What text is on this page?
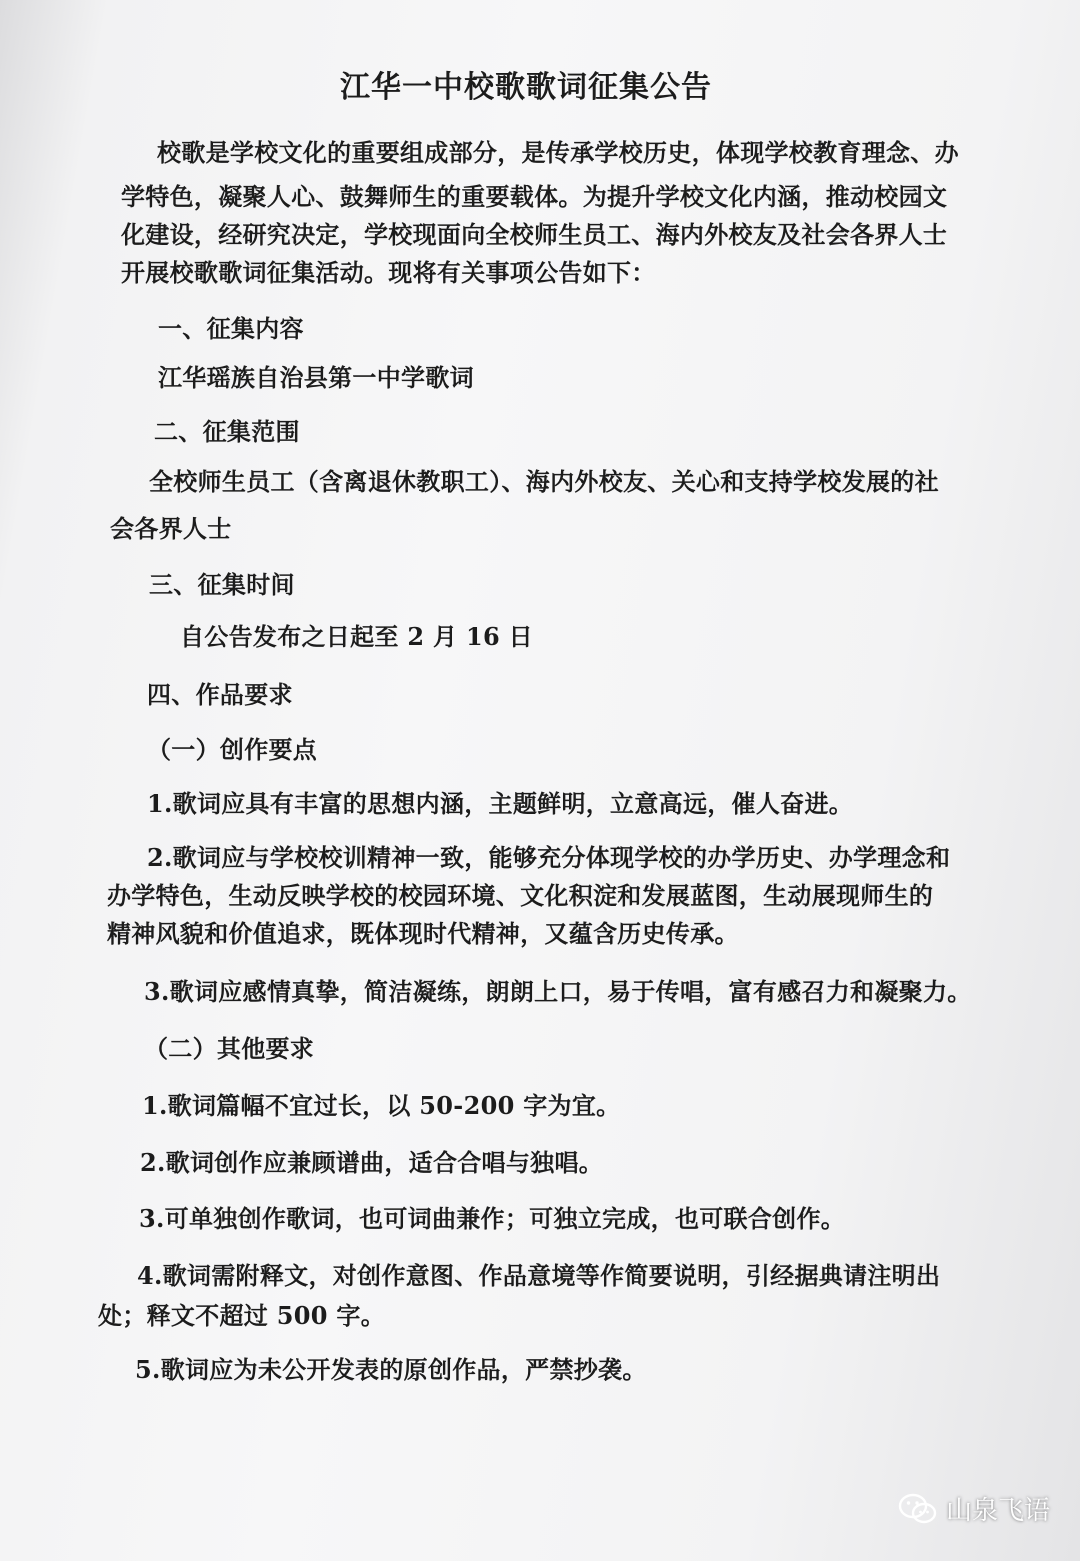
江华一中校歌歌词征集公告
校歌是学校文化的重要组成部分，是传承学校历史，体现学校教育理念、办
学特色，凝聚人心、鼓舞师生的重要载体。为提升学校文化内涵，推动校园文
化建设，经研究决定，学校现面向全校师生员工、海内外校友及社会各界人士
开展校歌歌词征集活动。现将有关事项公告如下：
一、征集内容
江华瑶族自治县第一中学歌词
二、征集范围
全校师生员工（含离退休教职工）、海内外校友、关心和支持学校发展的社
会各界人士
三、征集时间
自公告发布之日起至 2 月 16 日
四、作品要求
（一）创作要点
1.歌词应具有丰富的思想内涵，主题鲜明，立意高远，催人奋进。
2.歌词应与学校校训精神一致，能够充分体现学校的办学历史、办学理念和
办学特色，生动反映学校的校园环境、文化积淀和发展蓝图，生动展现师生的
精神风貌和价值追求，既体现时代精神，又蕴含历史传承。
3.歌词应感情真挚，简洁凝练，朗朗上口，易于传唱，富有感召力和凝聚力。
（二）其他要求
1.歌词篇幅不宜过长，以 50-200 字为宜。
2.歌词创作应兼顾谱曲，适合合唱与独唱。
3.可单独创作歌词，也可词曲兼作；可独立完成，也可联合创作。
4.歌词需附释文，对创作意图、作品意境等作简要说明，引经据典请注明出
处；释文不超过 500 字。
5.歌词应为未公开发表的原创作品，严禁抄袭。
山泉飞语
